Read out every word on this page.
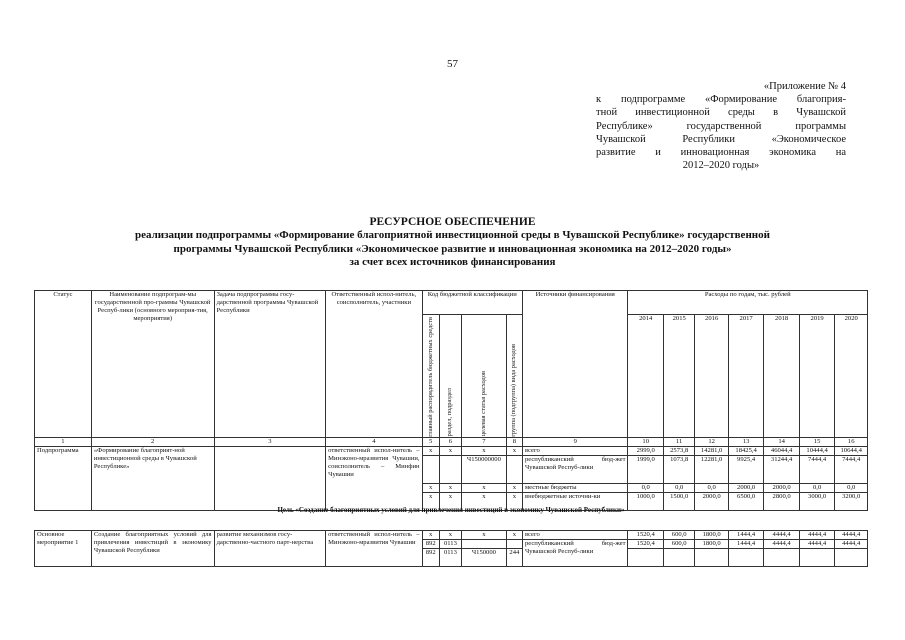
57
«Приложение № 4
к подпрограмме «Формирование благоприя-
тной инвестиционной среды в Чувашской
Республике» государственной программы
Чувашской Республики «Экономическое
развитие и инновационная экономика на
2012–2020 годы»
РЕСУРСНОЕ ОБЕСПЕЧЕНИЕ
реализации подпрограммы «Формирование благоприятной инвестиционной среды в Чувашской Республике» государственной
программы Чувашской Республики «Экономическое развитие и инновационная экономика на 2012–2020 годы»
за счет всех источников финансирования
Статус	Наименование подпрограм-мы государственной про-граммы Чувашской Респуб-лики (основного мероприя-тия, мероприятия)	Задача подпрограммы госу-дарственной программы Чувашской Республики	Ответственный испол-нитель, соисполнитель, участники	Код бюджетной классификации				Источники финансирования	Расходы по годам, тыс. рублей						

				главный распорядитель бюджетных средств	раздел, подраздел	целевая статья расходов	группа (подгруппа) вида расходов		2014	2015	2016	2017	2018	2019	2020
1	2	3	4	5	6	7	8	9	10	11	12	13	14	15	16
Подпрограмма	«Формирование благоприят-ной инвестиционной среды в Чувашской Республике»		ответственный испол-нитель – Минэконо-мразвития Чувашии, соисполнитель – Минфин Чувашии	x	x	x	x	всего	2999,0	2573,8	14281,0	18425,4	46044,4	10444,4	10644,4
						Ч150000000		республиканский бюд-жет Чувашской Респуб-лики	1999,0	1073,8	12281,0	9925,4	31244,4	7444,4	7444,4
				x	x	x	x	местные бюджеты	0,0	0,0	0,0	2000,0	2000,0	0,0	0,0
				x	x	x	x	внебюджетные источни-ки	1000,0	1500,0	2000,0	6500,0	2800,0	3000,0	3200,0
Цель «Создание благоприятных условий для привлечения инвестиций в экономику Чувашской Республики»
Основное мероприятие 1	Создание благоприятных условий для привлечения инвестиций в экономику Чувашской Республики	развитие механизмов госу-дарственно-частного парт-нерства	ответственный испол-нитель – Минэконо-мразвития Чувашии	x	x	x	x	всего	1520,4	600,0	1800,0	1444,4	4444,4	4444,4	4444,4
				892	0113			республиканский бюд-жет Чувашской Респуб-лики	1520,4	600,0	1800,0	1444,4	4444,4	4444,4	4444,4
				892	0113	Ч150000	244								
